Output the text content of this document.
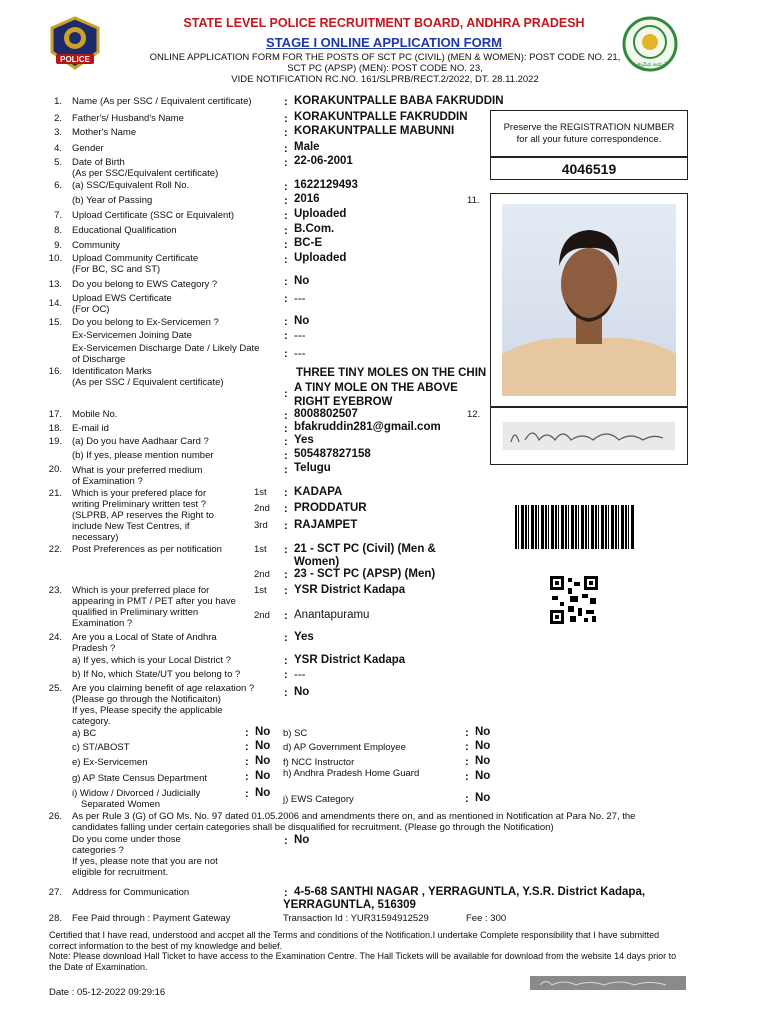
POLICE
సత్యమేవ జయతే
STATE LEVEL POLICE RECRUITMENT BOARD, ANDHRA PRADESH
STAGE I ONLINE APPLICATION FORM
ONLINE APPLICATION FORM FOR THE POSTS OF SCT PC (CIVIL) (MEN & WOMEN): POST CODE NO. 21,
SCT PC (APSP) (MEN): POST CODE NO. 23,
VIDE NOTIFICATION RC.NO. 161/SLPRB/RECT.2/2022, DT. 28.11.2022
Preserve the REGISTRATION NUMBER for all your future correspondence.
4046519
11.
12.
1. Name (As per SSC / Equivalent certificate)	: KORAKUNTPALLE BABA FAKRUDDIN
2. Father's/ Husband's Name	: KORAKUNTPALLE FAKRUDDIN
3. Mother's Name	: KORAKUNTPALLE MABUNNI
4. Gender	: Male
5. Date of Birth
(As per SSC/Equivalent certificate)
: 22-06-2001
6. (a) SSC/Equivalent Roll No.	: 1622129493
(b) Year of Passing	: 2016
7. Upload Certificate (SSC or Equivalent)	: Uploaded
8. Educational Qualification	: B.Com.
9. Community	: BC-E
10. Upload Community Certificate
(For BC, SC and ST)
: Uploaded
13. Do you belong to EWS Category ?	: No
14. Upload EWS Certificate
(For OC)
: ---
15. Do you belong to Ex-Servicemen ?	: No
Ex-Servicemen Joining Date	: ---
Ex-Servicemen Discharge Date / Likely Date
of Discharge	: ---
16. Identificaton Marks
(As per SSC / Equivalent certificate)
:
THREE TINY MOLES ON THE CHIN
A TINY MOLE ON THE ABOVE
RIGHT EYEBROW
17. Mobile No.	: 8008802507
18. E-mail id	: bfakruddin281@gmail.com
19. (a) Do you have Aadhaar Card ?	: Yes
(b) If yes, please mention number	: 505487827158
20. What is your preferred medium
of Examination ?
: Telugu
21. Which is your prefered place for writing Preliminary written test ? (SLPRB, AP reserves the Right to include New Test Centres, if necessary)
1st : KADAPA
2nd : PRODDATUR
3rd : RAJAMPET
22. Post Preferences as per notification	1st : 21 - SCT PC (Civil) (Men &
Women)
2nd : 23 - SCT PC (APSP) (Men)
23. Which is your preferred place for appearing in PMT / PET after you have qualified in Preliminary written Examination ?
1st : YSR District Kadapa
2nd : Anantapuramu
24. Are you a Local of State of Andhra
Pradesh ?
: Yes
a) If yes, which is your Local District ?	: YSR District Kadapa
b) If No, which State/UT you belong to ?	: ---
25. Are you claiming benefit of age relaxation ?
(Please go through the Notificaiton)
If yes, Please specify the applicable
category.
: No
a) BC	: No b) SC	: No
c) ST/ABOST	: No d) AP Government Employee	: No
e) Ex-Servicemen	: No f) NCC Instructor	: No
g) AP State Census Department	: No h) Andhra Pradesh Home Guard	: No
i) Widow / Divorced / Judicially
Separated Women
: No
j) EWS Category	: No
26. As per Rule 3 (G) of GO Ms. No. 97 dated 01.05.2006 and amendments there on, and as mentioned in Notification at Para No. 27, the candidates falling under certain categories shall be disqualified for recruitment. (Please go through the Notification)
Do you come under those
categories ?
If yes, please note that you are not
eligible for recruitment.
: No
27. Address for Communication	: 4-5-68 SANTHI NAGAR , YERRAGUNTLA, Y.S.R. District Kadapa,
YERRAGUNTLA, 516309
28. Fee Paid through : Payment Gateway	Transaction Id : YUR31594912529	Fee : 300
Certified that I have read, understood and accpet all the Terms and conditions of the Notification.I undertake Complete responsibility that I have submitted correct information to the best of my knowledge and belief.
Note: Please download Hall Ticket to have access to the Examination Centre. The Hall Tickets will be available for download from the website 14 days prior to the Date of Examination.
Date : 05-12-2022 09:29:16
